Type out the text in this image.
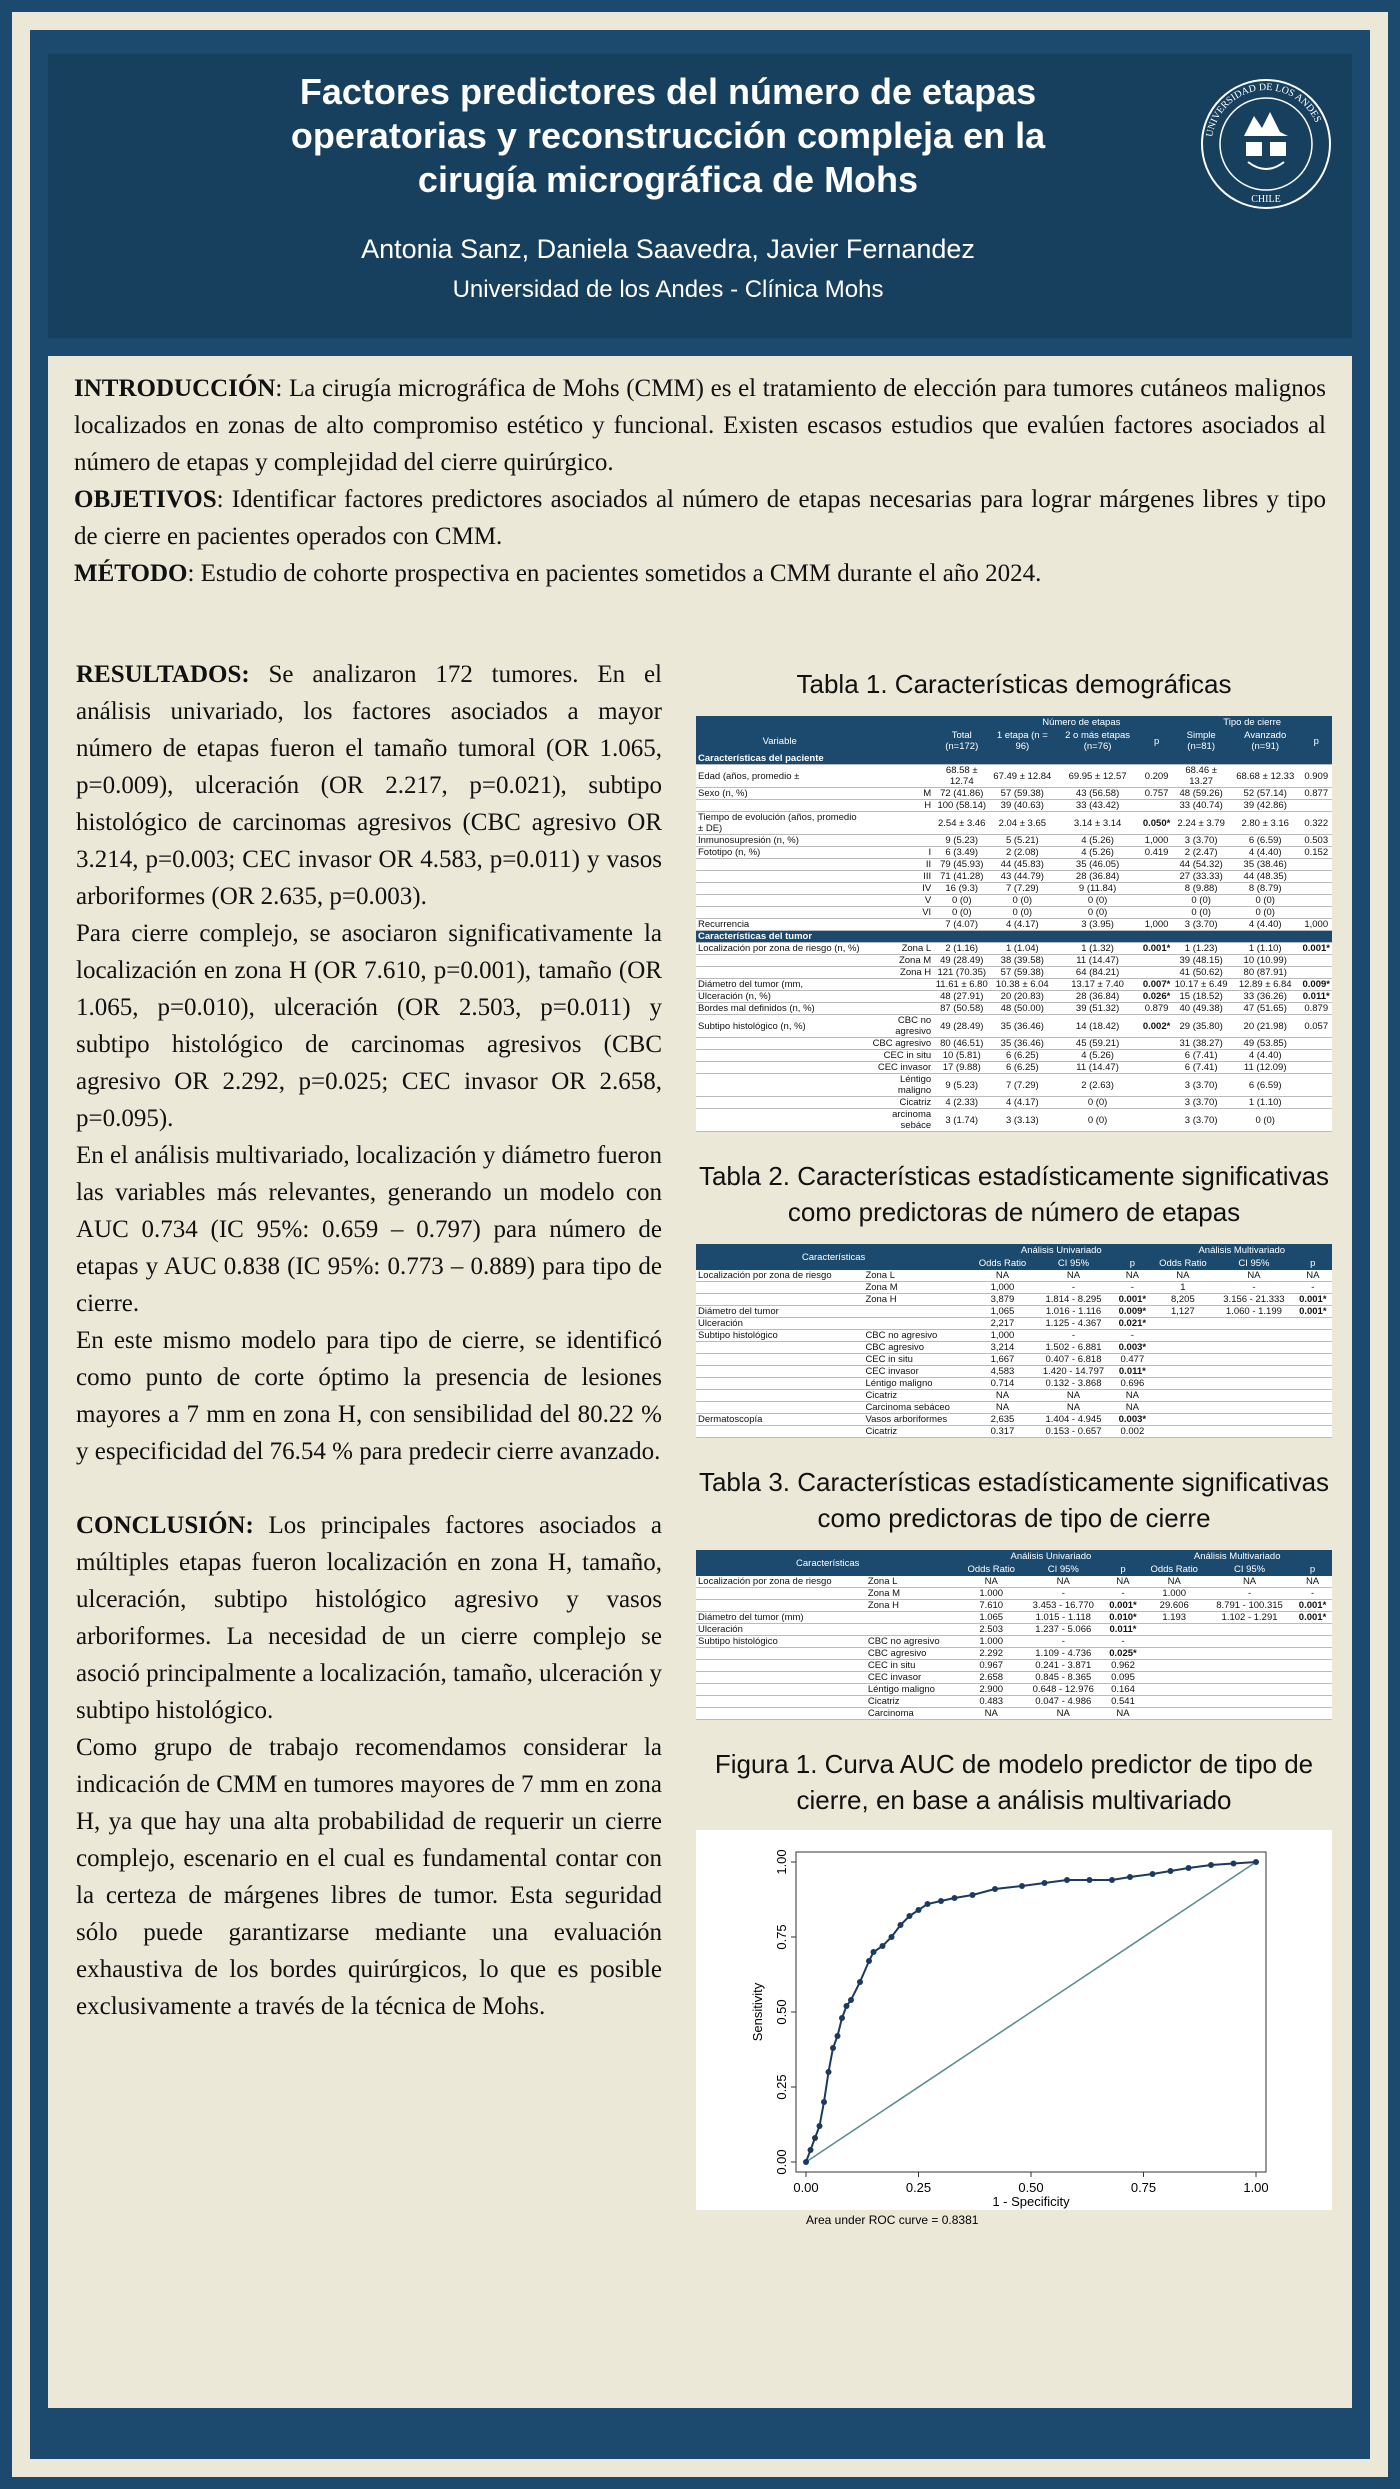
Factores predictores del número de etapas
operatorias y reconstrucción compleja en la
cirugía micrográfica de Mohs
Antonia Sanz, Daniela Saavedra, Javier Fernandez
Universidad de los Andes - Clínica Mohs
UNIVERSIDAD DE LOS ANDES
CHILE
INTRODUCCIÓN: La cirugía micrográfica de Mohs (CMM) es el tratamiento de elección para tumores cutáneos malignos localizados en zonas de alto compromiso estético y funcional. Existen escasos estudios que evalúen factores asociados al número de etapas y complejidad del cierre quirúrgico.
OBJETIVOS: Identificar factores predictores asociados al número de etapas necesarias para lograr márgenes libres y tipo de cierre en pacientes operados con CMM.
MÉTODO: Estudio de cohorte prospectiva en pacientes sometidos a CMM durante el año 2024.

RESULTADOS: Se analizaron 172 tumores. En el análisis univariado, los factores asociados a mayor número de etapas fueron el tamaño tumoral (OR 1.065, p=0.009), ulceración (OR 2.217, p=0.021), subtipo histológico de carcinomas agresivos (CBC agresivo OR 3.214, p=0.003; CEC invasor OR 4.583, p=0.011) y vasos arboriformes (OR 2.635, p=0.003).

Para cierre complejo, se asociaron significativamente la localización en zona H (OR 7.610, p=0.001), tamaño (OR 1.065, p=0.010), ulceración (OR 2.503, p=0.011) y subtipo histológico de carcinomas agresivos (CBC agresivo OR 2.292, p=0.025; CEC invasor OR 2.658, p=0.095).

En el análisis multivariado, localización y diámetro fueron las variables más relevantes, generando un modelo con AUC 0.734 (IC 95%: 0.659 – 0.797) para número de etapas y AUC 0.838 (IC 95%: 0.773 – 0.889) para tipo de cierre.

En este mismo modelo para tipo de cierre, se identificó como punto de corte óptimo la presencia de lesiones mayores a 7 mm en zona H, con sensibilidad del 80.22 % y especificidad del 76.54 % para predecir cierre avanzado.

CONCLUSIÓN: Los principales factores asociados a múltiples etapas fueron localización en zona H, tamaño, ulceración, subtipo histológico agresivo y vasos arboriformes. La necesidad de un cierre complejo se asoció principalmente a localización, tamaño, ulceración y subtipo histológico.

Como grupo de trabajo recomendamos considerar la indicación de CMM en tumores mayores de 7 mm en zona H, ya que hay una alta probabilidad de requerir un cierre complejo, escenario en el cual es fundamental contar con la certeza de márgenes libres de tumor. Esta seguridad sólo puede garantizarse mediante una evaluación exhaustiva de los bordes quirúrgicos, lo que es posible exclusivamente a través de la técnica de Mohs.

Tabla 1. Características demográficas
			Número de etapas			Tipo de cierre		
Variable		Total (n=172)	1 etapa (n = 96)	2 o más etapas (n=76)	p	Simple (n=81)	Avanzado (n=91)	p
Características del paciente								
Edad (años, promedio ±		68.58 ± 12.74	67.49 ± 12.84	69.95 ± 12.57	0.209	68.46 ± 13.27	68.68 ± 12.33	0.909
Sexo (n, %)	M	72 (41.86)	57 (59.38)	43 (56.58)	0.757	48 (59.26)	52 (57.14)	0.877
	H	100 (58.14)	39 (40.63)	33 (43.42)		33 (40.74)	39 (42.86)	
Tiempo de evolución (años, promedio ± DE)		2.54 ± 3.46	2.04 ± 3.65	3.14 ± 3.14	0.050*	2.24 ± 3.79	2.80 ± 3.16	0.322
Inmunosupresión (n, %)		9 (5.23)	5 (5.21)	4 (5.26)	1,000	3 (3.70)	6 (6.59)	0.503
Fototipo (n, %)	I	6 (3.49)	2 (2.08)	4 (5.26)	0.419	2 (2.47)	4 (4.40)	0.152
	II	79 (45.93)	44 (45.83)	35 (46.05)		44 (54.32)	35 (38.46)	
	III	71 (41.28)	43 (44.79)	28 (36.84)		27 (33.33)	44 (48.35)	
	IV	16 (9.3)	7 (7.29)	9 (11.84)		8 (9.88)	8 (8.79)	
	V	0 (0)	0 (0)	0 (0)		0 (0)	0 (0)	
	VI	0 (0)	0 (0)	0 (0)		0 (0)	0 (0)	
Recurrencia		7 (4.07)	4 (4.17)	3 (3.95)	1,000	3 (3.70)	4 (4.40)	1,000
Características del tumor								
Localización por zona de riesgo (n, %)	Zona L	2 (1.16)	1 (1.04)	1 (1.32)	0.001*	1 (1.23)	1 (1.10)	0.001*
	Zona M	49 (28.49)	38 (39.58)	11 (14.47)		39 (48.15)	10 (10.99)	
	Zona H	121 (70.35)	57 (59.38)	64 (84.21)		41 (50.62)	80 (87.91)	
Diámetro del tumor (mm,		11.61 ± 6.80	10.38 ± 6.04	13.17 ± 7.40	0.007*	10.17 ± 6.49	12.89 ± 6.84	0.009*
Ulceración (n, %)		48 (27.91)	20 (20.83)	28 (36.84)	0.026*	15 (18.52)	33 (36.26)	0.011*
Bordes mal definidos (n, %)		87 (50.58)	48 (50.00)	39 (51.32)	0.879	40 (49.38)	47 (51.65)	0.879
Subtipo histológico (n, %)	CBC no agresivo	49 (28.49)	35 (36.46)	14 (18.42)	0.002*	29 (35.80)	20 (21.98)	0.057
	CBC agresivo	80 (46.51)	35 (36.46)	45 (59.21)		31 (38.27)	49 (53.85)	
	CEC in situ	10 (5.81)	6 (6.25)	4 (5.26)		6 (7.41)	4 (4.40)	
	CEC invasor	17 (9.88)	6 (6.25)	11 (14.47)		6 (7.41)	11 (12.09)	
	Léntigo maligno	9 (5.23)	7 (7.29)	2 (2.63)		3 (3.70)	6 (6.59)	
	Cicatriz	4 (2.33)	4 (4.17)	0 (0)		3 (3.70)	1 (1.10)	
	arcinoma sebáce	3 (1.74)	3 (3.13)	0 (0)		3 (3.70)	0 (0)	
Tabla 2. Características estadísticamente significativas como predictoras de número de etapas
Características		Análisis Univariado			Análisis Multivariado		
		Odds Ratio	CI 95%	p	Odds Ratio	CI 95%	p
Localización por zona de riesgo	Zona L	NA	NA	NA	NA	NA	NA
	Zona M	1,000	-	-	1	-	-
	Zona H	3,879	1.814 - 8.295	0.001*	8,205	3.156 - 21.333	0.001*
Diámetro del tumor		1,065	1.016 - 1.116	0.009*	1,127	1.060 - 1.199	0.001*
Ulceración		2,217	1.125 - 4.367	0.021*			
Subtipo histológico	CBC no agresivo	1,000	-	-			
	CBC agresivo	3,214	1.502 - 6.881	0.003*			
	CEC in situ	1,667	0.407 - 6.818	0.477			
	CEC invasor	4,583	1.420 - 14.797	0.011*			
	Léntigo maligno	0.714	0.132 - 3.868	0.696			
	Cicatriz	NA	NA	NA			
	Carcinoma sebáceo	NA	NA	NA			
Dermatoscopía	Vasos arboriformes	2,635	1.404 - 4.945	0.003*			
	Cicatriz	0.317	0.153 - 0.657	0.002			
Tabla 3. Características estadísticamente significativas como predictoras de tipo de cierre
Características		Análisis Univariado			Análisis Multivariado		
		Odds Ratio	CI 95%	p	Odds Ratio	CI 95%	p
Localización por zona de riesgo	Zona L	NA	NA	NA	NA	NA	NA
	Zona M	1.000	-	-	1.000	-	-
	Zona H	7.610	3.453 - 16.770	0.001*	29.606	8.791 - 100.315	0.001*
Diámetro del tumor (mm)		1.065	1.015 - 1.118	0.010*	1.193	1.102 - 1.291	0.001*
Ulceración		2.503	1.237 - 5.066	0.011*			
Subtipo histológico	CBC no agresivo	1.000	-	-			
	CBC agresivo	2.292	1.109 - 4.736	0.025*			
	CEC in situ	0.967	0.241 - 3.871	0.962			
	CEC invasor	2.658	0.845 - 8.365	0.095			
	Léntigo maligno	2.900	0.648 - 12.976	0.164			
	Cicatriz	0.483	0.047 - 4.986	0.541			
	Carcinoma	NA	NA	NA			
Figura 1. Curva AUC de modelo predictor de tipo de cierre, en base a análisis multivariado
0.00
0.00
0.25
0.25
0.50
0.50
0.75
0.75
1.00
1.00
1 - Specificity
Sensitivity
Area under ROC curve = 0.8381
